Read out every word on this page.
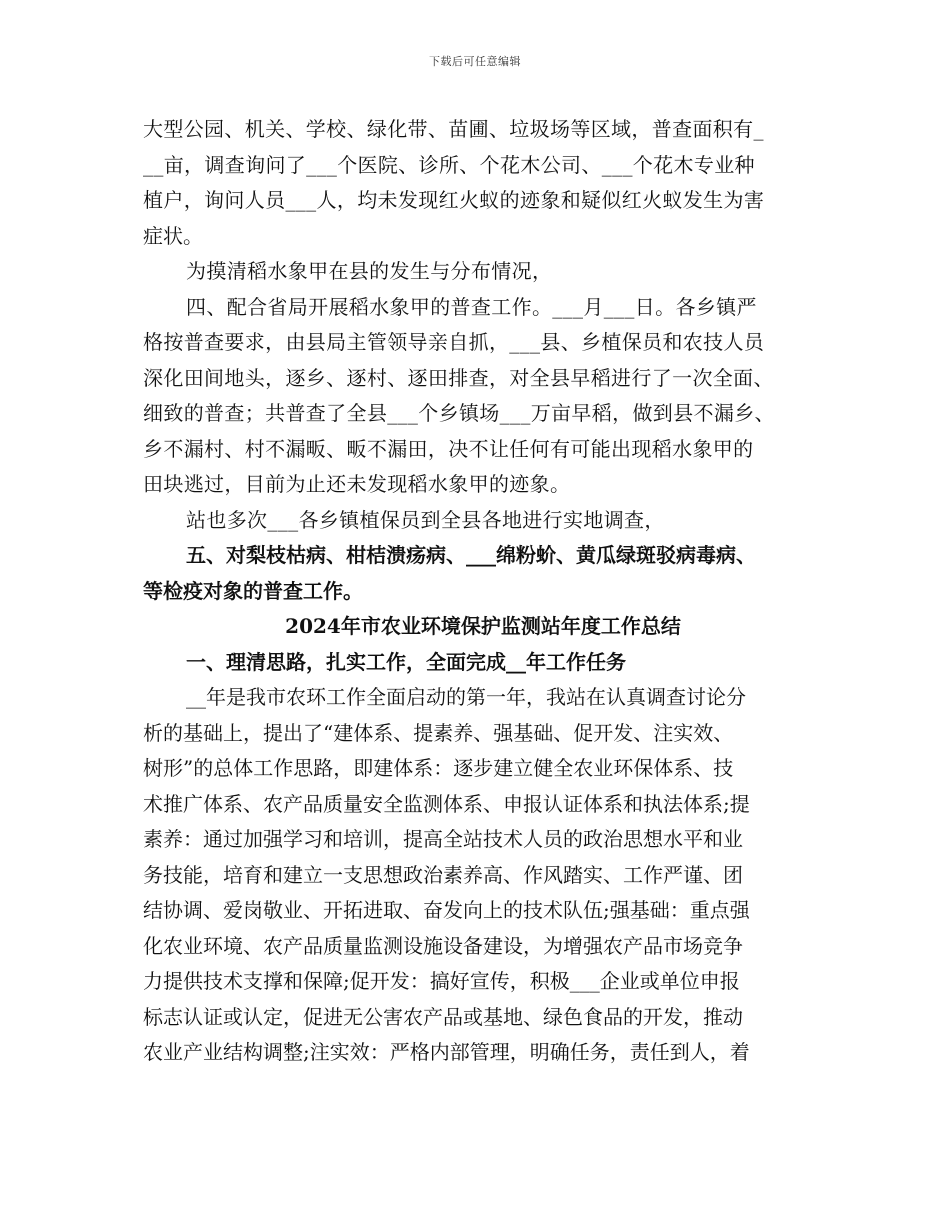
下载后可任意编辑

大型公园、机关、学校、绿化带、苗圃、垃圾场等区域，普查面积有_

__亩，调查询问了___个医院、诊所、个花木公司、___个花木专业种

植户，询问人员___人，均未发现红火蚁的迹象和疑似红火蚁发生为害

症状。

为摸清稻水象甲在县的发生与分布情况，

四、配合省局开展稻水象甲的普查工作。___月___日。各乡镇严

格按普查要求，由县局主管领导亲自抓，___县、乡植保员和农技人员

深化田间地头，逐乡、逐村、逐田排查，对全县早稻进行了一次全面、

细致的普查；共普查了全县___个乡镇场___万亩早稻，做到县不漏乡、

乡不漏村、村不漏畈、畈不漏田，决不让任何有可能出现稻水象甲的

田块逃过，目前为止还未发现稻水象甲的迹象。

站也多次___各乡镇植保员到全县各地进行实地调查，

五、对梨枝枯病、柑桔溃疡病、___绵粉蚧、黄瓜绿斑驳病毒病、

等检疫对象的普查工作。

2024年市农业环境保护监测站年度工作总结

一、理清思路，扎实工作，全面完成__年工作任务

__年是我市农环工作全面启动的第一年，我站在认真调查讨论分

析的基础上，提出了“建体系、提素养、强基础、促开发、注实效、

树形”的总体工作思路，即建体系：逐步建立健全农业环保体系、技

术推广体系、农产品质量安全监测体系、申报认证体系和执法体系;提

素养：通过加强学习和培训，提高全站技术人员的政治思想水平和业

务技能，培育和建立一支思想政治素养高、作风踏实、工作严谨、团

结协调、爱岗敬业、开拓进取、奋发向上的技术队伍;强基础：重点强

化农业环境、农产品质量监测设施设备建设，为增强农产品市场竞争

力提供技术支撑和保障;促开发：搞好宣传，积极___企业或单位申报

标志认证或认定，促进无公害农产品或基地、绿色食品的开发，推动

农业产业结构调整;注实效：严格内部管理，明确任务，责任到人，着
